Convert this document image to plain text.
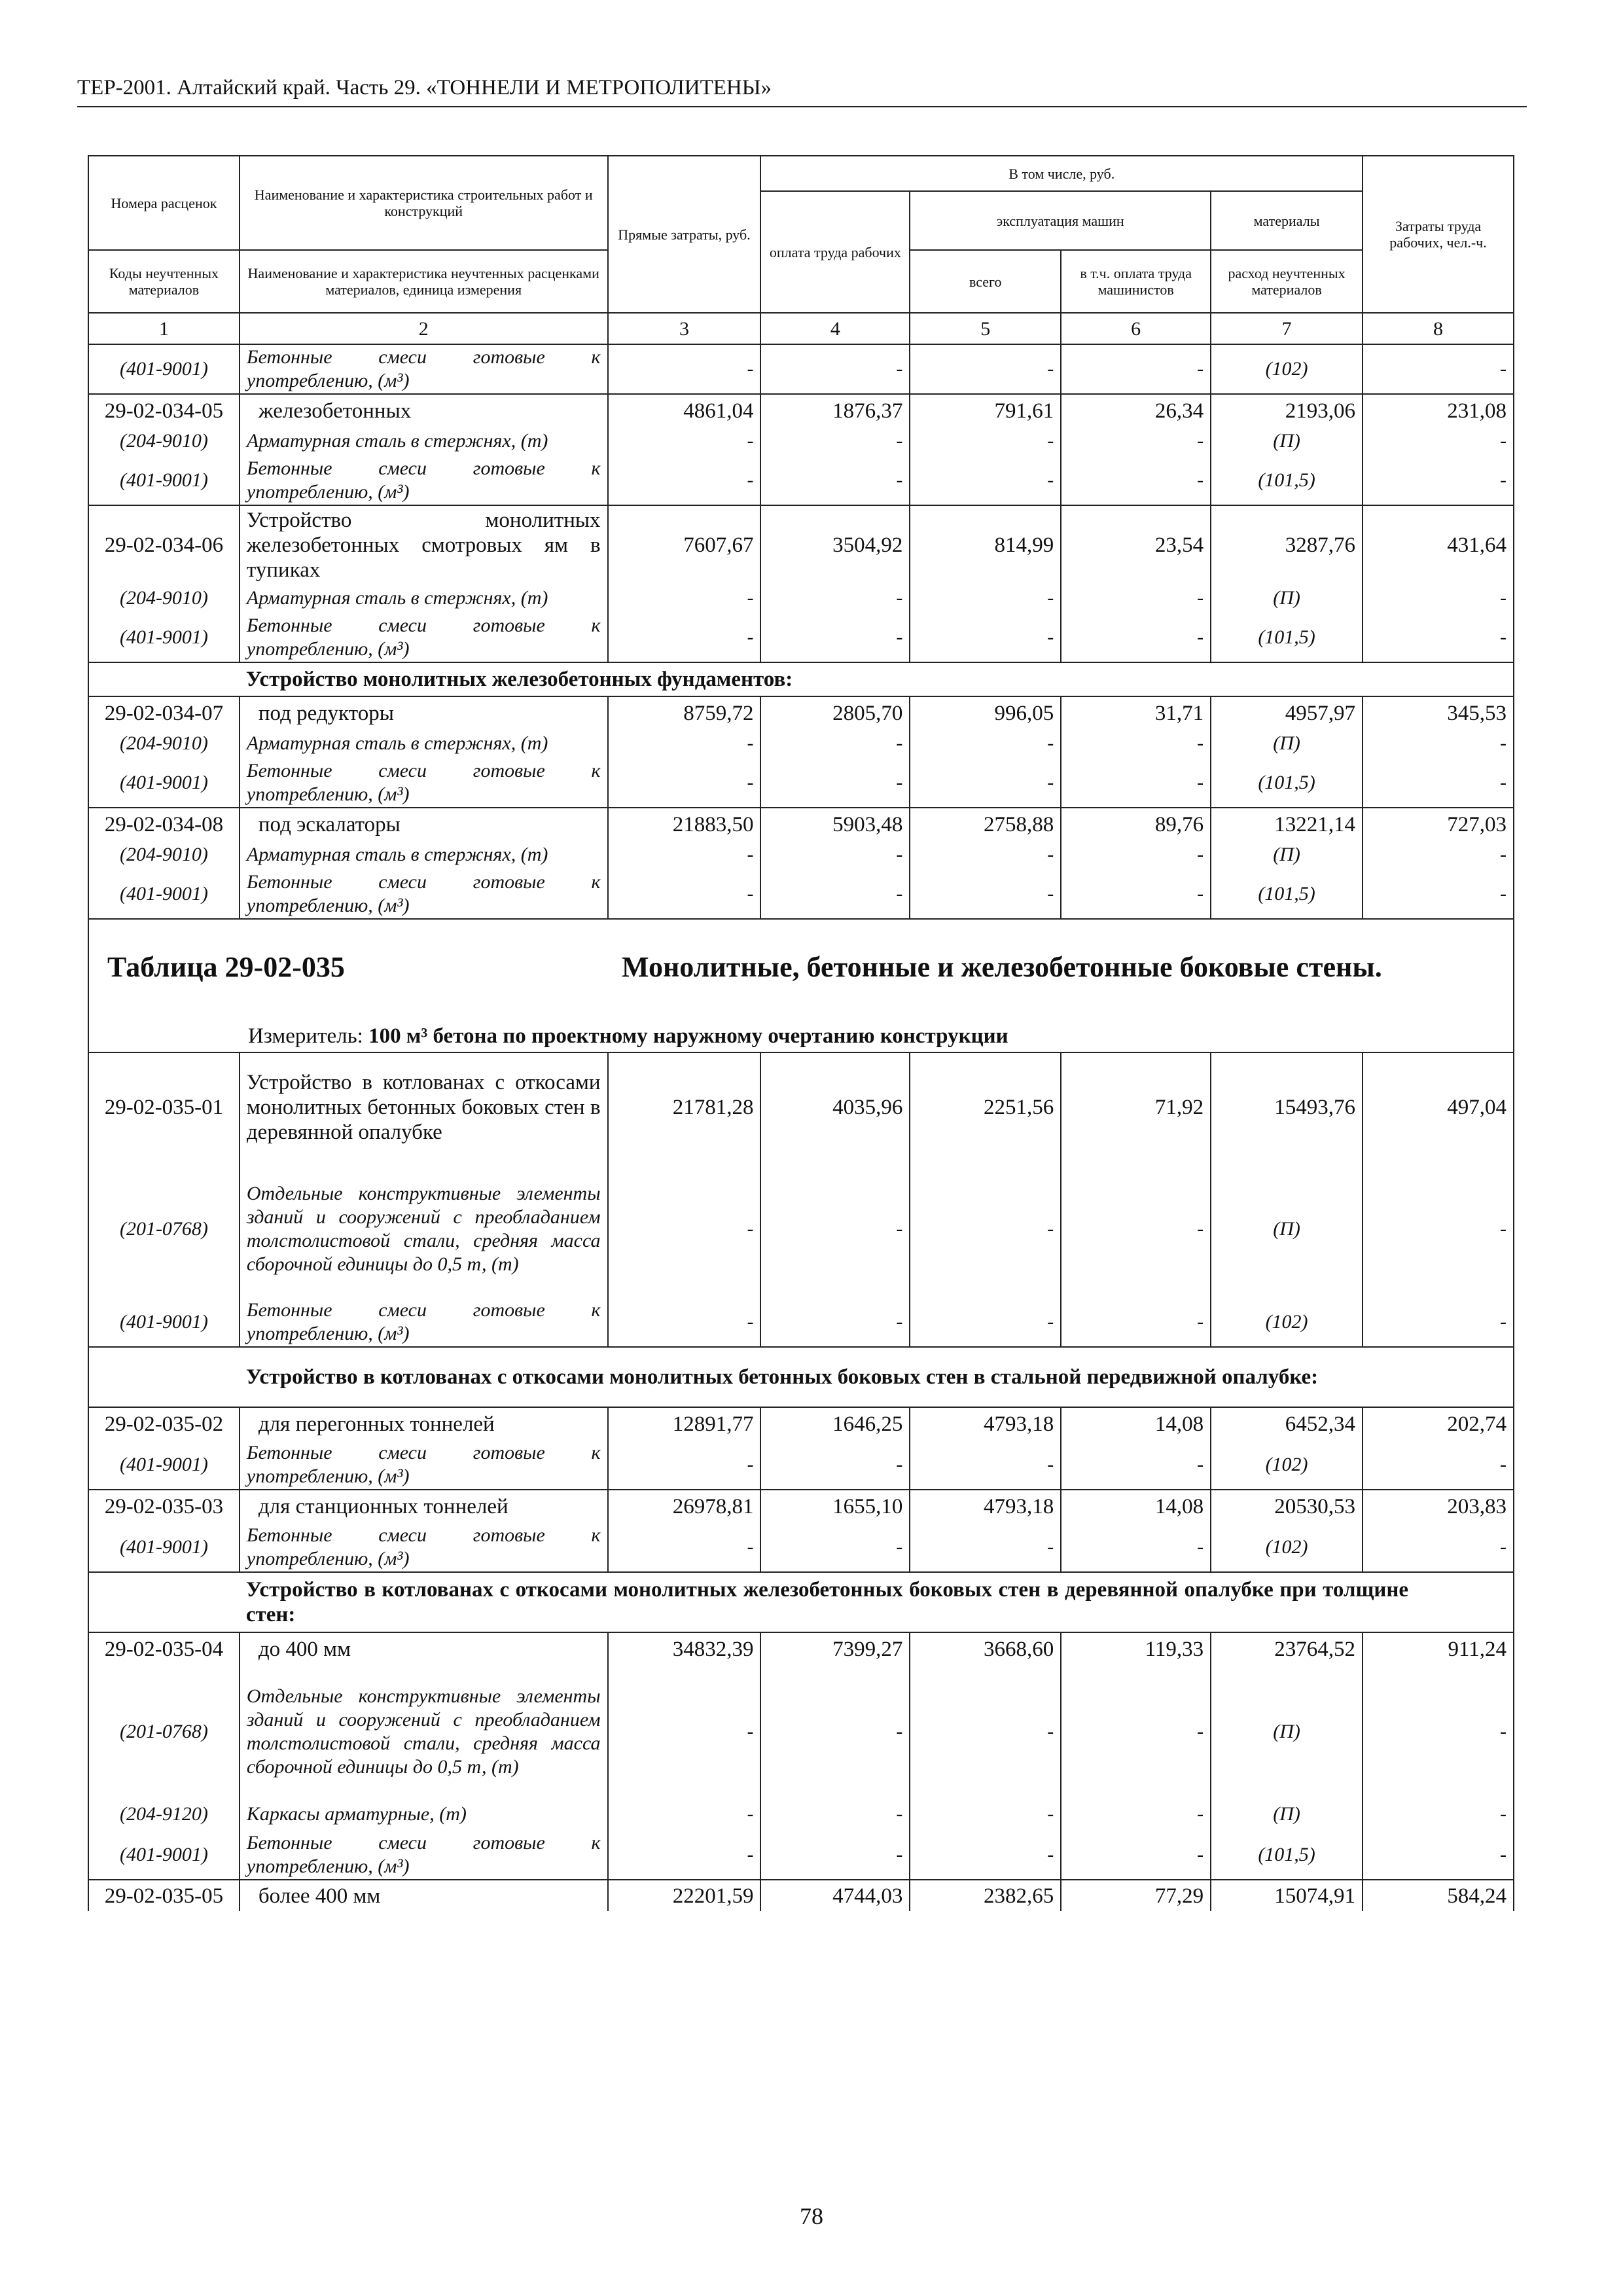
ТЕР-2001. Алтайский край. Часть 29. «ТОННЕЛИ И МЕТРОПОЛИТЕНЫ»
Номера расценок	Наименование и характеристика строительных работ и конструкций	Прямые затраты, руб.	В том числе, руб.				Затраты труда рабочих, чел.-ч.
			оплата труда рабочих	эксплуатация машин		материалы	
Коды неучтенных материалов	Наименование и характеристика неучтенных расценками материалов, единица измерения			всего	в т.ч. оплата труда машинистов	расход неучтенных материалов	
1	2	3	4	5	6	7	8
(401-9001)	Бетонные смеси готовые к употреблению, (м³)	-	-	-	-	(102)	-
29-02-034-05	железобетонных	4861,04	1876,37	791,61	26,34	2193,06	231,08
(204-9010)	Арматурная сталь в стержнях, (т)	-	-	-	-	(П)	-
(401-9001)	Бетонные смеси готовые к употреблению, (м³)	-	-	-	-	(101,5)	-
29-02-034-06	Устройство монолитных железобетонных смотровых ям в тупиках	7607,67	3504,92	814,99	23,54	3287,76	431,64
(204-9010)	Арматурная сталь в стержнях, (т)	-	-	-	-	(П)	-
(401-9001)	Бетонные смеси готовые к употреблению, (м³)	-	-	-	-	(101,5)	-
	Устройство монолитных железобетонных фундаментов:						
29-02-034-07	под редукторы	8759,72	2805,70	996,05	31,71	4957,97	345,53
(204-9010)	Арматурная сталь в стержнях, (т)	-	-	-	-	(П)	-
(401-9001)	Бетонные смеси готовые к употреблению, (м³)	-	-	-	-	(101,5)	-
29-02-034-08	под эскалаторы	21883,50	5903,48	2758,88	89,76	13221,14	727,03
(204-9010)	Арматурная сталь в стержнях, (т)	-	-	-	-	(П)	-
(401-9001)	Бетонные смеси готовые к употреблению, (м³)	-	-	-	-	(101,5)	-

Таблица 29-02-035 Монолитные, бетонные и железобетонные боковые стены.
Измеритель: 100 м³ бетона по проектному наружному очертанию конструкции							

29-02-035-01	Устройство в котлованах с откосами монолитных бетонных боковых стен в деревянной опалубке	21781,28	4035,96	2251,56	71,92	15493,76	497,04
(201-0768)	Отдельные конструктивные элементы зданий и сооружений с преобладанием толстолистовой стали, средняя масса сборочной единицы до 0,5 т, (т)	-	-	-	-	(П)	-
(401-9001)	Бетонные смеси готовые к употреблению, (м³)	-	-	-	-	(102)	-
	Устройство в котлованах с откосами монолитных бетонных боковых стен в стальной передвижной опалубке:						
29-02-035-02	для перегонных тоннелей	12891,77	1646,25	4793,18	14,08	6452,34	202,74
(401-9001)	Бетонные смеси готовые к употреблению, (м³)	-	-	-	-	(102)	-
29-02-035-03	для станционных тоннелей	26978,81	1655,10	4793,18	14,08	20530,53	203,83
(401-9001)	Бетонные смеси готовые к употреблению, (м³)	-	-	-	-	(102)	-
	Устройство в котлованах с откосами монолитных железобетонных боковых стен в деревянной опалубке при толщине стен:						
29-02-035-04	до 400 мм	34832,39	7399,27	3668,60	119,33	23764,52	911,24
(201-0768)	Отдельные конструктивные элементы зданий и сооружений с преобладанием толстолистовой стали, средняя масса сборочной единицы до 0,5 т, (т)	-	-	-	-	(П)	-
(204-9120)	Каркасы арматурные, (т)	-	-	-	-	(П)	-
(401-9001)	Бетонные смеси готовые к употреблению, (м³)	-	-	-	-	(101,5)	-
29-02-035-05	более 400 мм	22201,59	4744,03	2382,65	77,29	15074,91	584,24
78
